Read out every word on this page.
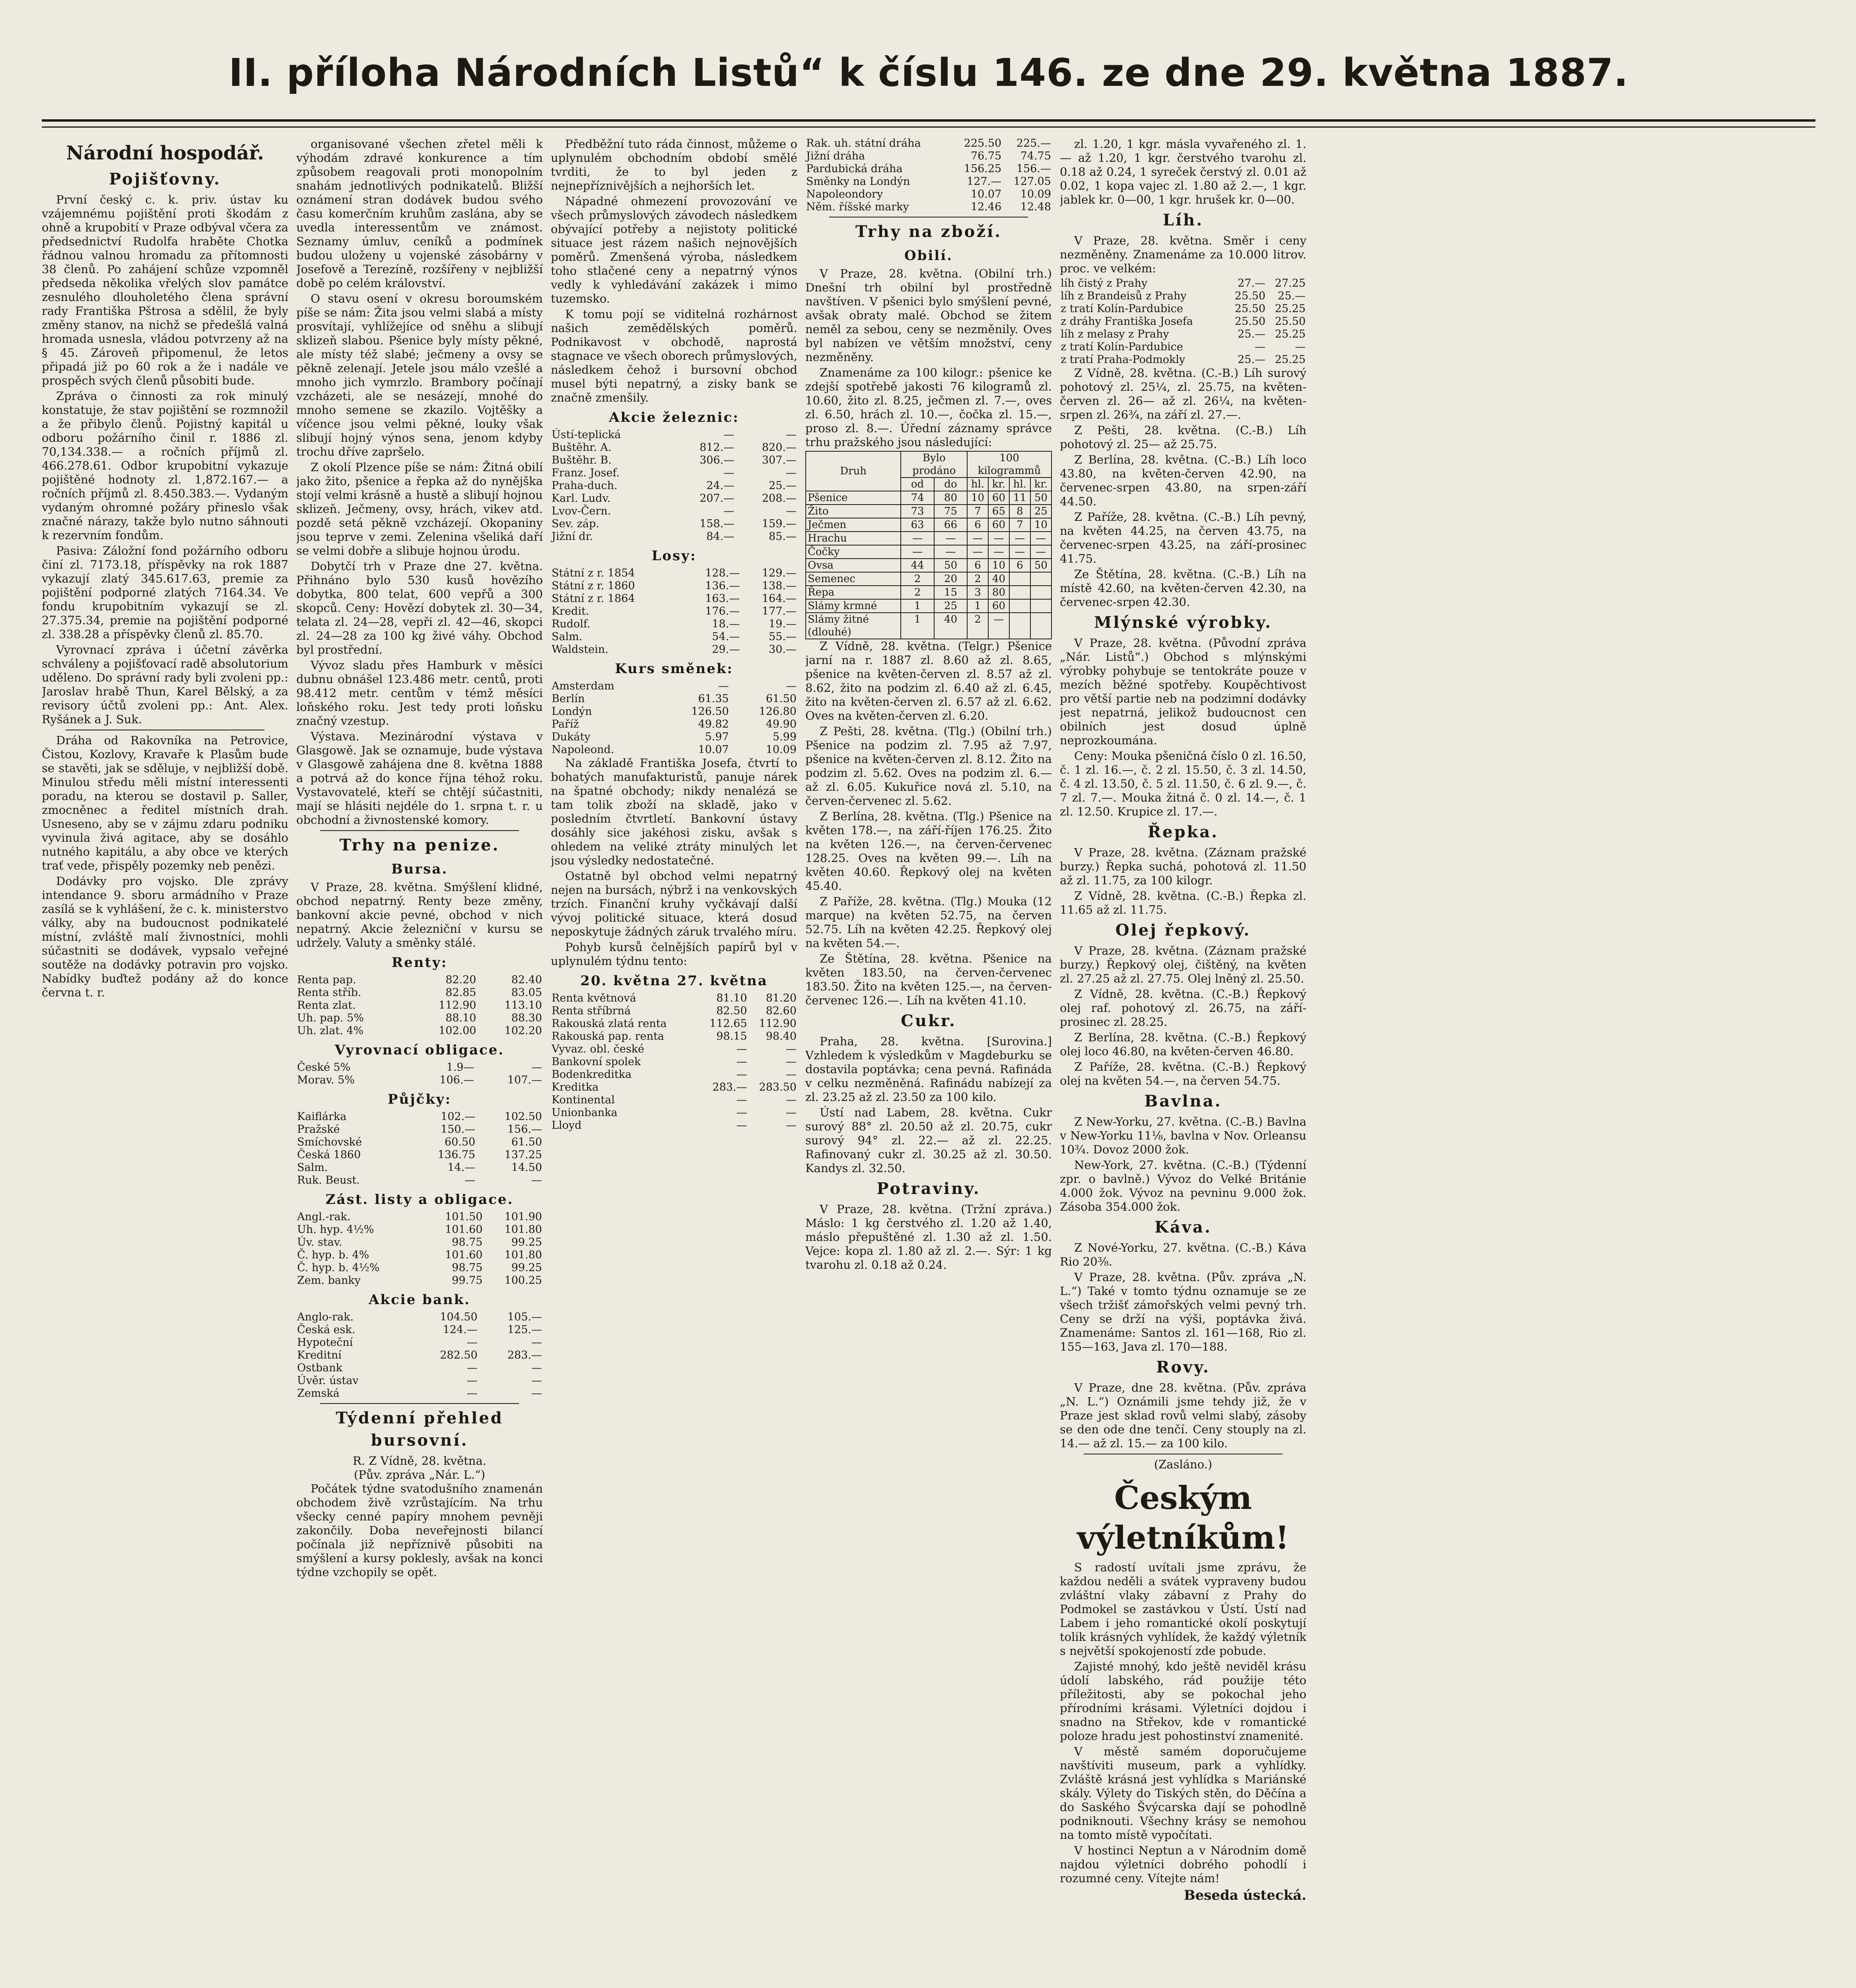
II. příloha Národních Listů“ k číslu 146. ze dne 29. května 1887.
Národní hospodář.
Pojišťovny.

První český c. k. priv. ústav ku vzájemnému pojištění proti škodám z ohně a krupobití v Praze odbýval včera za předsednictví Rudolfa hraběte Chotka řádnou valnou hromadu za přítomnosti 38 členů. Po zahájení schůze vzpomněl předseda několika vřelých slov památce zesnulého dlouholetého člena správní rady Františka Pštrosa a sdělil, že byly změny stanov, na nichž se předešlá valná hromada usnesla, vládou potvrzeny až na § 45. Zároveň připomenul, že letos připadá již po 60 rok a že i nadále ve prospěch svých členů působiti bude.

Zpráva o činnosti za rok minulý konstatuje, že stav pojištění se rozmnožil a že přibylo členů. Pojistný kapitál u odboru požárního činil r. 1886 zl. 70,134.338.— a ročních příjmů zl. 466.278.61. Odbor krupobitní vykazuje pojištěné hodnoty zl. 1,872.167.— a ročních příjmů zl. 8.450.383.—. Vydaným vydaným ohromné požáry přineslo však značné nárazy, takže bylo nutno sáhnouti k rezervním fondům.

Pasiva: Záložní fond požárního odboru činí zl. 7173.18, příspěvky na rok 1887 vykazují zlatý 345.617.63, premie za pojištění podporné zlatých 7164.34. Ve fondu krupobitním vykazují se zl. 27.375.34, premie na pojištění podporné zl. 338.28 a příspěvky členů zl. 85.70.

Vyrovnací zpráva i účetní závěrka schváleny a pojišťovací radě absolutorium uděleno. Do správní rady byli zvoleni pp.: Jaroslav hrabě Thun, Karel Bělský, a za revisory účtů zvoleni pp.: Ant. Alex. Ryšánek a J. Suk.

Dráha od Rakovníka na Petrovice, Čistou, Kozlovy, Kravaře k Plasům bude se stavěti, jak se sděluje, v nejbližší době. Minulou středu měli místní interessenti poradu, na kterou se dostavil p. Saller, zmocněnec a ředitel místních drah. Usneseno, aby se v zájmu zdaru podniku vyvinula živá agitace, aby se dosáhlo nutného kapitálu, a aby obce ve kterých trať vede, přispěly pozemky neb penězi.

Dodávky pro vojsko. Dle zprávy intendance 9. sboru armádního v Praze zasílá se k vyhlášení, že c. k. ministerstvo války, aby na budoucnost podnikatelé místní, zvláště malí živnostníci, mohli súčastniti se dodávek, vypsalo veřejné soutěže na dodávky potravin pro vojsko. Nabídky buďtež podány až do konce června t. r.

organisované všechen zřetel měli k výhodám zdravé konkurence a tím způsobem reagovali proti monopolním snahám jednotlivých podnikatelů. Bližší oznámení stran dodávek budou svého času komerčním kruhům zaslána, aby se uvedla interessentům ve známost. Seznamy úmluv, ceníků a podmínek budou uloženy u vojenské zásobárny v Josefově a Terezíně, rozšířeny v nejbližší době po celém království.

O stavu osení v okresu boroumském píše se nám: Žita jsou velmi slabá a místy prosvítají, vyhlížejíce od sněhu a slibují sklizeň slabou. Pšenice byly místy pěkné, ale místy též slabé; ječmeny a ovsy se pěkně zelenají. Jetele jsou málo vzešlé a mnoho jich vymrzlo. Brambory počínají vzcházeti, ale se nesázejí, mnohé do mnoho semene se zkazilo. Vojtěšky a víčence jsou velmi pěkné, louky však slibují hojný výnos sena, jenom kdyby trochu dříve zapršelo.

Z okolí Plzence píše se nám: Žitná obilí jako žito, pšenice a řepka až do nynějška stojí velmi krásně a hustě a slibují hojnou sklizeň. Ječmeny, ovsy, hrách, vikev atd. pozdě setá pěkně vzcházejí. Okopaniny jsou teprve v zemi. Zelenina všeliká daří se velmi dobře a slibuje hojnou úrodu.

Dobytčí trh v Praze dne 27. května. Přihnáno bylo 530 kusů hovězího dobytka, 800 telat, 600 vepřů a 300 skopců. Ceny: Hovězí dobytek zl. 30—34, telata zl. 24—28, vepři zl. 42—46, skopci zl. 24—28 za 100 kg živé váhy. Obchod byl prostřední.

Vývoz sladu přes Hamburk v měsíci dubnu obnášel 123.486 metr. centů, proti 98.412 metr. centům v témž měsíci loňského roku. Jest tedy proti loňsku značný vzestup.

Výstava. Mezinárodní výstava v Glasgowě. Jak se oznamuje, bude výstava v Glasgowě zahájena dne 8. května 1888 a potrvá až do konce října téhož roku. Vystavovatelé, kteří se chtějí súčastniti, mají se hlásiti nejdéle do 1. srpna t. r. u obchodní a živnostenské komory.

Trhy na penize.
Bursa.

V Praze, 28. května. Smýšlení klidné, obchod nepatrný. Renty beze změny, bankovní akcie pevné, obchod v nich nepatrný. Akcie železniční v kursu se udržely. Valuty a směnky stálé.

Renty:
Renta pap.	82.20	82.40
Renta stříb.	82.85	83.05
Renta zlat.	112.90	113.10
Uh. pap. 5%	88.10	88.30
Uh. zlat. 4%	102.00	102.20
Vyrovnací obligace.
České 5%	1.9—	—
Morav. 5%	106.—	107.—
Půjčky:
Kaiflárka	102.—	102.50
Pražské	150.—	156.—
Smíchovské	60.50	61.50
Česká 1860	136.75	137.25
Salm.	14.—	14.50
Ruk. Beust.	—	—
Zást. listy a obligace.
Angl.-rak.	101.50	101.90
Uh. hyp. 4½%	101.60	101.80
Úv. stav.	98.75	99.25
Č. hyp. b. 4%	101.60	101.80
Č. hyp. b. 4½%	98.75	99.25
Zem. banky	99.75	100.25
Akcie bank.
Anglo-rak.	104.50	105.—
Česká esk.	124.—	125.—
Hypoteční	—	—
Kreditní	282.50	283.—
Ostbank	—	—
Úvěr. ústav	—	—
Zemská	—	—
Týdenní přehled bursovní.
R. Z Vídně, 28. května.
(Pův. zpráva „Nár. L.“)

Počátek týdne svatodušního znamenán obchodem živě vzrůstajícím. Na trhu všecky cenné papíry mnohem pevněji zakončily. Doba neveřejnosti bilancí počínala již nepříznivě působiti na smýšlení a kursy poklesly, avšak na konci týdne vzchopily se opět.

Předběžní tuto ráda činnost, můžeme o uplynulém obchodním období smělé tvrditi, že to byl jeden z nejnepříznivějších a nejhorších let.

Nápadné ohmezení provozování ve všech průmyslových závodech následkem obývající potřeby a nejistoty politické situace jest rázem našich nejnovějších poměrů. Zmenšená výroba, následkem toho stlačené ceny a nepatrný výnos vedly k vyhledávání zakázek i mimo tuzemsko.

K tomu pojí se viditelná rozhárnost našich zemědělských poměrů. Podnikavost v obchodě, naprostá stagnace ve všech oborech průmyslových, následkem čehož i bursovní obchod musel býti nepatrný, a zisky bank se značně zmenšily.

Akcie železnic:
Ústí-teplická	—	—
Buštěhr. A.	812.—	820.—
Buštěhr. B.	306.—	307.—
Franz. Josef.	—	—
Praha-duch.	24.—	25.—
Karl. Ludv.	207.—	208.—
Lvov-Čern.	—	—
Sev. záp.	158.—	159.—
Jižní dr.	84.—	85.—
Losy:
Státní z r. 1854	128.—	129.—
Státní z r. 1860	136.—	138.—
Státní z r. 1864	163.—	164.—
Kredit.	176.—	177.—
Rudolf.	18.—	19.—
Salm.	54.—	55.—
Waldstein.	29.—	30.—
Kurs směnek:
Amsterdam	—	—
Berlín	61.35	61.50
Londýn	126.50	126.80
Paříž	49.82	49.90
Dukáty	5.97	5.99
Napoleond.	10.07	10.09

Na základě Františka Josefa, čtvrtí to bohatých manufakturistů, panuje nárek na špatné obchody; nikdy nenalézá se tam tolik zboží na skladě, jako v posledním čtvrtletí. Bankovní ústavy dosáhly sice jakéhosi zisku, avšak s ohledem na veliké ztráty minulých let jsou výsledky nedostatečné.

Ostatně byl obchod velmi nepatrný nejen na bursách, nýbrž i na venkovských trzích. Finanční kruhy vyčkávají další vývoj politické situace, která dosud neposkytuje žádných záruk trvalého míru.

Pohyb kursů čelnějších papírů byl v uplynulém týdnu tento:

20. května 27. května
Renta květnová	81.10	81.20
Renta stříbrná	82.50	82.60
Rakouská zlatá renta	112.65	112.90
Rakouská pap. renta	98.15	98.40
Vyvaz. obl. české	—	—
Bankovní spolek	—	—
Bodenkreditka	—	—
Kreditka	283.—	283.50
Kontinental	—	—
Unionbanka	—	—
Lloyd	—	—
Rak. uh. státní dráha	225.50	225.—
Jižní dráha	76.75	74.75
Pardubická dráha	156.25	156.—
Směnky na Londýn	127.—	127.05
Napoleondory	10.07	10.09
Něm. říšské marky	12.46	12.48
Trhy na zboží.
Obilí.

V Praze, 28. května. (Obilní trh.) Dnešní trh obilní byl prostředně navštíven. V pšenici bylo smýšlení pevné, avšak obraty malé. Obchod se žitem neměl za sebou, ceny se nezměnily. Oves byl nabízen ve větším množství, ceny nezměněny.

Znamenáme za 100 kilogr.: pšenice ke zdejší spotřebě jakosti 76 kilogramů zl. 10.60, žito zl. 8.25, ječmen zl. 7.—, oves zl. 6.50, hrách zl. 10.—, čočka zl. 15.—, proso zl. 8.—. Úřední záznamy správce trhu pražského jsou následující:

Druh	Bylo prodáno		100 kilogrammů			
	od	do	hl.	kr.	hl.	kr.
Pšenice	74	80	10	60	11	50
Žito	73	75	7	65	8	25
Ječmen	63	66	6	60	7	10
Hrachu	—	—	—	—	—	—
Čočky	—	—	—	—	—	—
Ovsa	44	50	6	10	6	50
Semenec	2	20	2	40		
Řepa	2	15	3	80		
Slámy krmné	1	25	1	60		
Slámy žitné (dlouhé)	1	40	2	—		

Z Vídně, 28. května. (Telgr.) Pšenice jarní na r. 1887 zl. 8.60 až zl. 8.65, pšenice na květen-červen zl. 8.57 až zl. 8.62, žito na podzim zl. 6.40 až zl. 6.45, žito na květen-červen zl. 6.57 až zl. 6.62. Oves na květen-červen zl. 6.20.

Z Pešti, 28. května. (Tlg.) (Obilní trh.) Pšenice na podzim zl. 7.95 až 7.97, pšenice na květen-červen zl. 8.12. Žito na podzim zl. 5.62. Oves na podzim zl. 6.— až zl. 6.05. Kukuřice nová zl. 5.10, na červen-červenec zl. 5.62.

Z Berlína, 28. května. (Tlg.) Pšenice na květen 178.—, na září-říjen 176.25. Žito na květen 126.—, na červen-červenec 128.25. Oves na květen 99.—. Líh na květen 40.60. Řepkový olej na květen 45.40.

Z Paříže, 28. května. (Tlg.) Mouka (12 marque) na květen 52.75, na červen 52.75. Líh na květen 42.25. Řepkový olej na květen 54.—.

Ze Štětína, 28. května. Pšenice na květen 183.50, na červen-červenec 183.50. Žito na květen 125.—, na červen-červenec 126.—. Líh na květen 41.10.

Cukr.

Praha, 28. května. [Surovina.] Vzhledem k výsledkům v Magdeburku se dostavila poptávka; cena pevná. Rafináda v celku nezměněná. Rafinádu nabízejí za zl. 23.25 až zl. 23.50 za 100 kilo.

Ústí nad Labem, 28. května. Cukr surový 88° zl. 20.50 až zl. 20.75, cukr surový 94° zl. 22.— až zl. 22.25. Rafinovaný cukr zl. 30.25 až zl. 30.50. Kandys zl. 32.50.

Potraviny.

V Praze, 28. května. (Tržní zpráva.) Máslo: 1 kg čerstvého zl. 1.20 až 1.40, máslo přepuštěné zl. 1.30 až zl. 1.50. Vejce: kopa zl. 1.80 až zl. 2.—. Sýr: 1 kg tvarohu zl. 0.18 až 0.24.

zl. 1.20, 1 kgr. másla vyvařeného zl. 1.— až 1.20, 1 kgr. čerstvého tvarohu zl. 0.18 až 0.24, 1 syreček čerstvý zl. 0.01 až 0.02, 1 kopa vajec zl. 1.80 až 2.—, 1 kgr. jablek kr. 0—00, 1 kgr. hrušek kr. 0—00.

Líh.

V Praze, 28. května. Směr i ceny nezměněny. Znamenáme za 10.000 litrov. proc. ve velkém:

líh čistý z Prahy	27.—	27.25
líh z Brandeisů z Prahy	25.50	25.—
z tratí Kolín-Pardubice	25.50	25.25
z dráhy Františka Josefa	25.50	25.50
líh z melasy z Prahy	25.—	25.25
z tratí Kolín-Pardubice	—	—
z tratí Praha-Podmokly	25.—	25.25

Z Vídně, 28. května. (C.-B.) Líh surový pohotový zl. 25¼, zl. 25.75, na květen-červen zl. 26— až zl. 26¼, na květen-srpen zl. 26¾, na září zl. 27.—.

Z Pešti, 28. května. (C.-B.) Líh pohotový zl. 25— až 25.75.

Z Berlína, 28. května. (C.-B.) Líh loco 43.80, na květen-červen 42.90, na červenec-srpen 43.80, na srpen-září 44.50.

Z Paříže, 28. května. (C.-B.) Líh pevný, na květen 44.25, na červen 43.75, na červenec-srpen 43.25, na září-prosinec 41.75.

Ze Štětína, 28. května. (C.-B.) Líh na místě 42.60, na květen-červen 42.30, na červenec-srpen 42.30.

Mlýnské výrobky.

V Praze, 28. května. (Původní zpráva „Nár. Listů“.) Obchod s mlýnskými výrobky pohybuje se tentokráte pouze v mezích běžné spotřeby. Koupěchtivost pro větší partie neb na podzimní dodávky jest nepatrná, jelikož budoucnost cen obilních jest dosud úplně neprozkoumána.

Ceny: Mouka pšeničná číslo 0 zl. 16.50, č. 1 zl. 16.—, č. 2 zl. 15.50, č. 3 zl. 14.50, č. 4 zl. 13.50, č. 5 zl. 11.50, č. 6 zl. 9.—, č. 7 zl. 7.—. Mouka žitná č. 0 zl. 14.—, č. 1 zl. 12.50. Krupice zl. 17.—.

Řepka.

V Praze, 28. května. (Záznam pražské burzy.) Řepka suchá, pohotová zl. 11.50 až zl. 11.75, za 100 kilogr.

Z Vídně, 28. května. (C.-B.) Řepka zl. 11.65 až zl. 11.75.

Olej řepkový.

V Praze, 28. května. (Záznam pražské burzy.) Řepkový olej, čištěný, na květen zl. 27.25 až zl. 27.75. Olej lněný zl. 25.50.

Z Vídně, 28. května. (C.-B.) Řepkový olej raf. pohotový zl. 26.75, na září-prosinec zl. 28.25.

Z Berlína, 28. května. (C.-B.) Řepkový olej loco 46.80, na květen-červen 46.80.

Z Paříže, 28. května. (C.-B.) Řepkový olej na květen 54.—, na červen 54.75.

Bavlna.

Z New-Yorku, 27. května. (C.-B.) Bavlna v New-Yorku 11⅛, bavlna v Nov. Orleansu 10¾. Dovoz 2000 žok.

New-York, 27. května. (C.-B.) (Týdenní zpr. o bavlně.) Vývoz do Velké Británie 4.000 žok. Vývoz na pevninu 9.000 žok. Zásoba 354.000 žok.

Káva.

Z Nové-Yorku, 27. května. (C.-B.) Káva Rio 20⅜.

V Praze, 28. května. (Pův. zpráva „N. L.“) Také v tomto týdnu oznamuje se ze všech tržišť zámořských velmi pevný trh. Ceny se drží na výši, poptávka živá. Znamenáme: Santos zl. 161—168, Rio zl. 155—163, Java zl. 170—188.

Rovy.

V Praze, dne 28. května. (Pův. zpráva „N. L.“) Oznámili jsme tehdy již, že v Praze jest sklad rovů velmi slabý, zásoby se den ode dne tenčí. Ceny stouply na zl. 14.— až zl. 15.— za 100 kilo.

(Zasláno.)
Českým výletníkům!

S radostí uvítali jsme zprávu, že každou neděli a svátek vypraveny budou zvláštní vlaky zábavní z Prahy do Podmokel se zastávkou v Ústí. Ústí nad Labem i jeho romantické okolí poskytují tolik krásných vyhlídek, že každý výletník s největší spokojeností zde pobude.

Zajisté mnohý, kdo ještě neviděl krásu údolí labského, rád použije této příležitosti, aby se pokochal jeho přírodními krásami. Výletníci dojdou i snadno na Střekov, kde v romantické poloze hradu jest pohostinství znamenité.

V městě samém doporučujeme navštíviti museum, park a vyhlídky. Zvláště krásná jest vyhlídka s Mariánské skály. Výlety do Tiských stěn, do Děčína a do Saského Švýcarska dají se pohodlně podniknouti. Všechny krásy se nemohou na tomto místě vypočítati.

V hostinci Neptun a v Národním domě najdou výletníci dobrého pohodlí i rozumné ceny. Vítejte nám!

Beseda ústecká.
